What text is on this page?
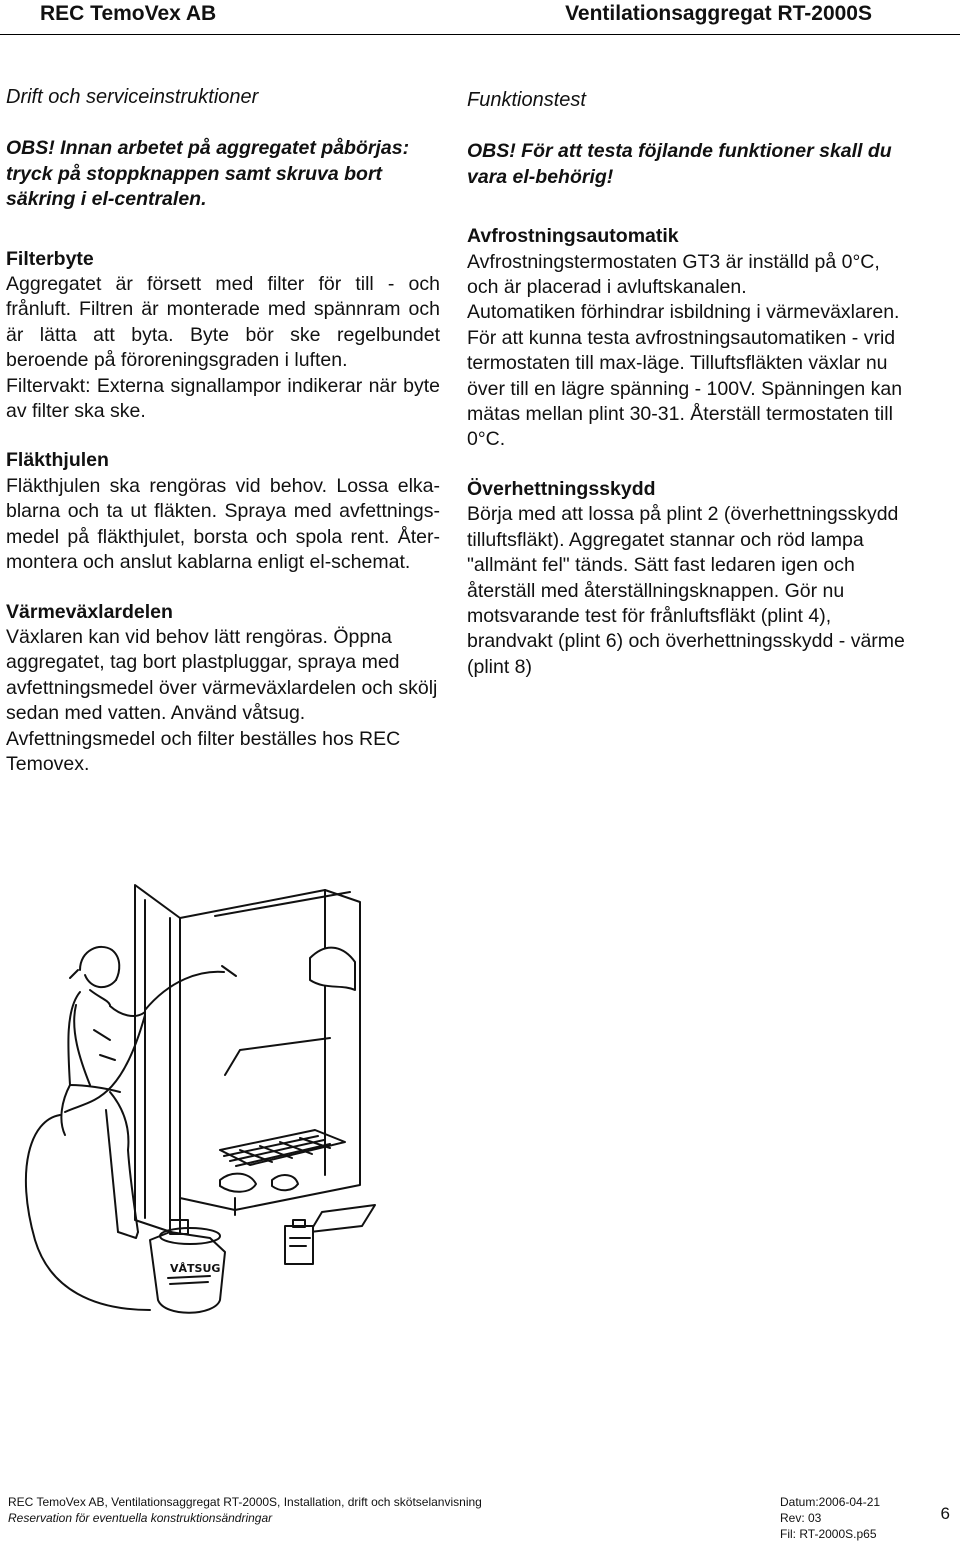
REC TemoVex AB	Ventilationsaggregat RT-2000S

Drift och serviceinstruktioner

OBS! Innan arbetet på aggregatet påbörjas: tryck på stoppknappen samt skruva bort säkring i el-centralen.

Filterbyte

Aggregatet är försett med filter för till - och frånluft. Filtren är monterade med spännram och är lätta att byta. Byte bör ske regelbundet beroende på föroreningsgraden i luften.

Filtervakt: Externa signallampor indikerar när byte av filter ska ske.

Fläkthjulen

Fläkthjulen ska rengöras vid behov. Lossa elka- blarna och ta ut fläkten. Spraya med avfettnings- medel på fläkthjulet, borsta och spola rent. Åter- montera och anslut kablarna enligt el-schemat.

Värmeväxlardelen

Växlaren kan vid behov lätt rengöras. Öppna aggregatet, tag bort plastpluggar, spraya med avfettningsmedel över värmeväxlardelen och skölj sedan med vatten. Använd våtsug. Avfettningsmedel och filter beställes hos REC Temovex.

Funktionstest

OBS! För att testa föjlande funktioner skall du vara el-behörig!

Avfrostningsautomatik

Avfrostningstermostaten GT3 är inställd på 0°C, och är placerad i avluftskanalen.

Automatiken förhindrar isbildning i värmeväxlaren. För att kunna testa avfrostningsautomatiken - vrid termostaten till max-läge. Tilluftsfläkten växlar nu över till en lägre spänning - 100V. Spänningen kan mätas mellan plint 30-31. Återställ termostaten till 0°C.

Överhettningsskydd

Börja med att lossa på plint 2 (överhettningsskydd tilluftsfläkt). Aggregatet stannar och röd lampa "allmänt fel" tänds. Sätt fast ledaren igen och återställ med återställningsknappen. Gör nu motsvarande test för frånluftsfläkt (plint 4), brandvakt (plint 6) och överhettningsskydd - värme (plint 8)

VÅTSUG
REC TemoVex AB, Ventilationsaggregat RT-2000S, Installation, drift och skötselanvisning
Reservation för eventuella konstruktionsändringar
Datum:2006-04-21
Rev: 03
Fil: RT-2000S.p65
6
